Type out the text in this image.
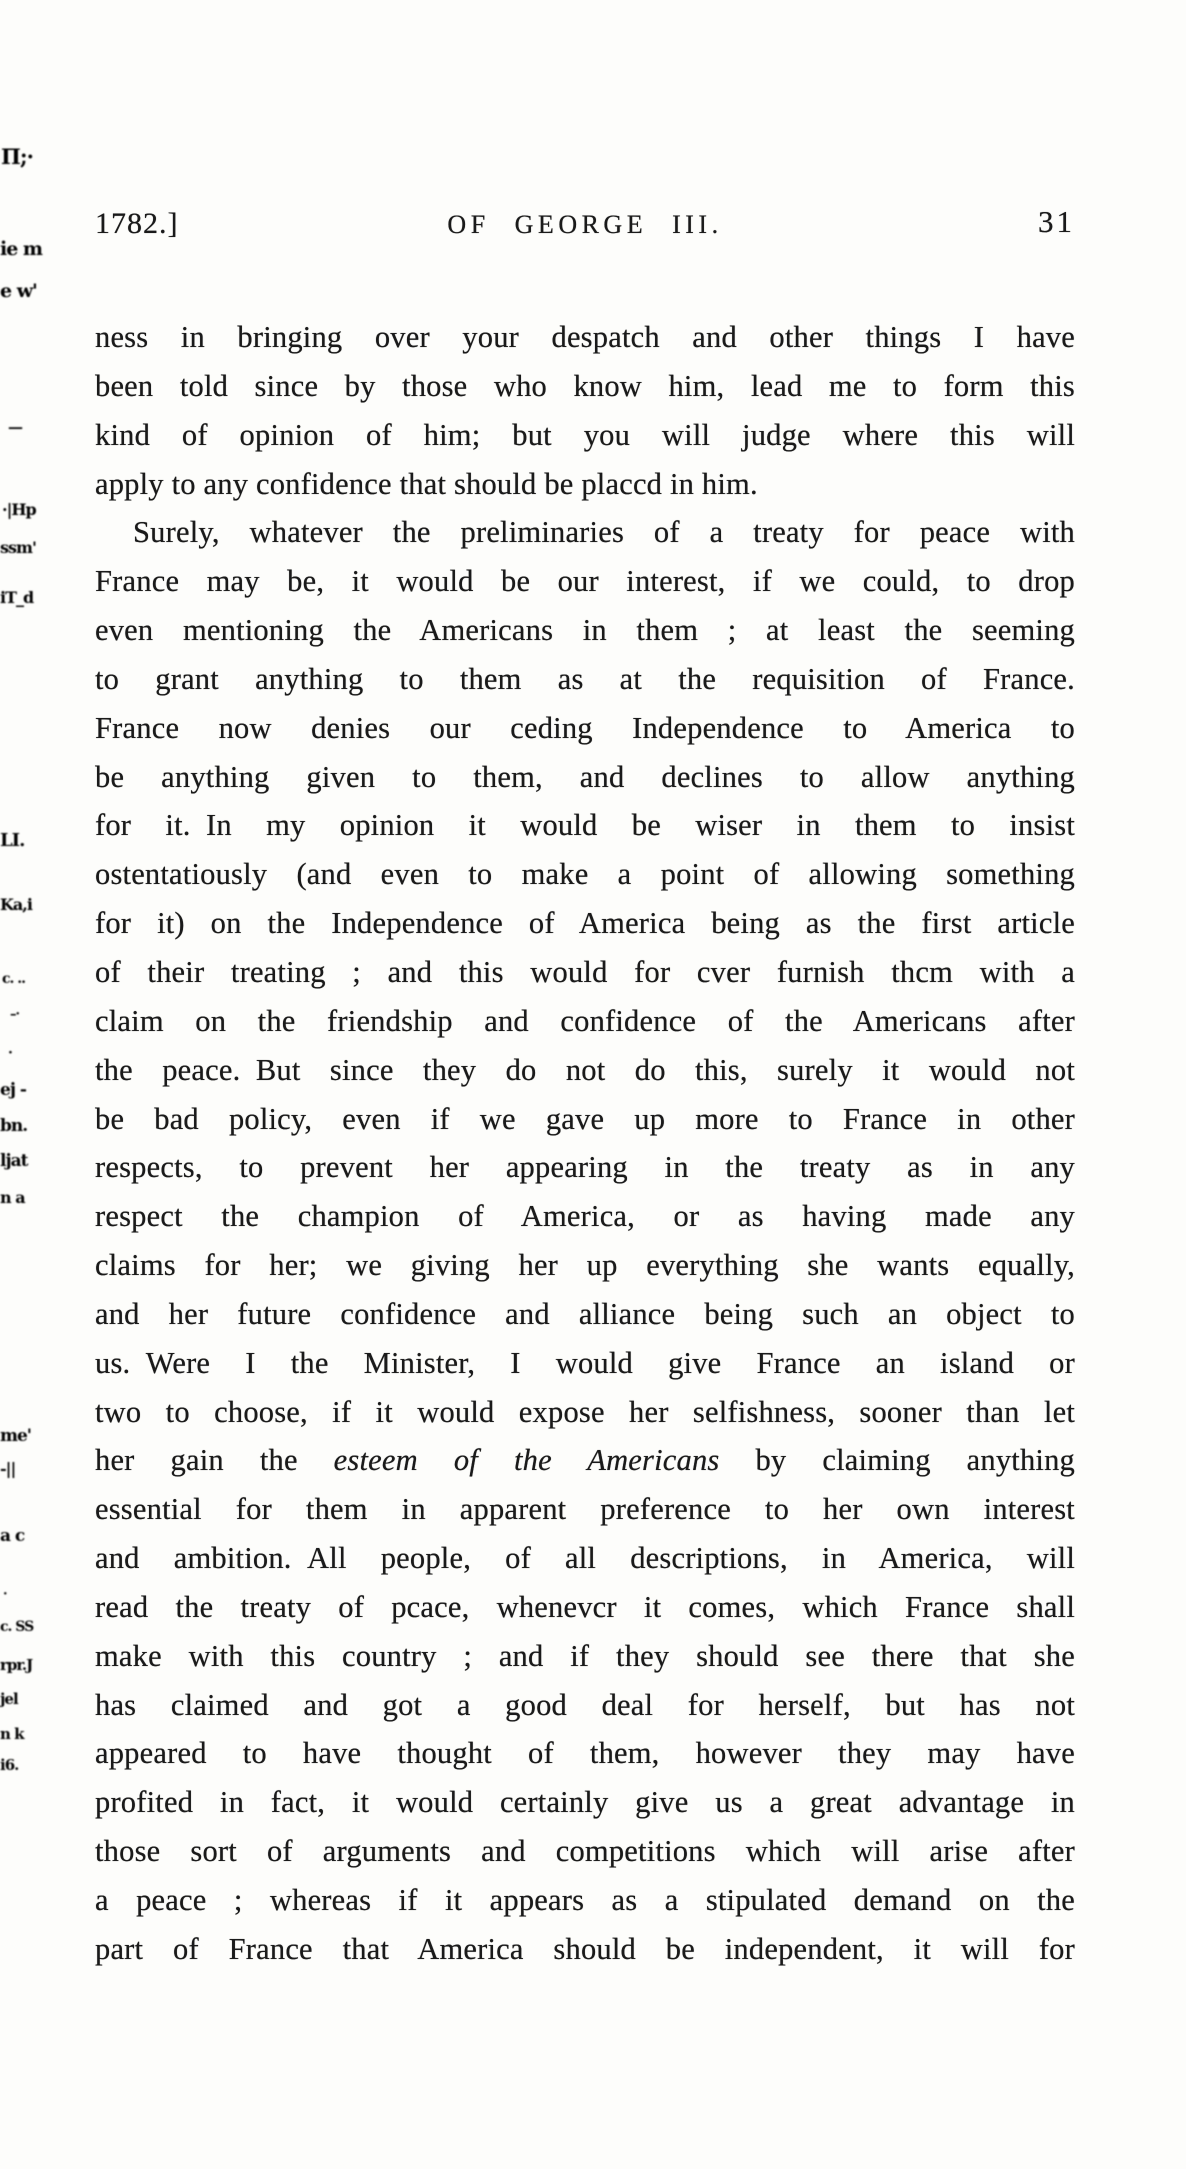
1782.]	OF GEORGE III.	31
ness in bringing over your despatch and other things I have
been told since by those who know him, lead me to form this
kind of opinion of him; but you will judge where this will
apply to any confidence that should be placcd in him.
Surely, whatever the preliminaries of a treaty for peace with
France may be, it would be our interest, if we could, to drop
even mentioning the Americans in them ; at least the seeming
to grant anything to them as at the requisition of France.
France now denies our ceding Independence to America to
be anything given to them, and declines to allow anything
for it. In my opinion it would be wiser in them to insist
ostentatiously (and even to make a point of allowing something
for it) on the Independence of America being as the first article
of their treating ; and this would for cver furnish thcm with a
claim on the friendship and confidence of the Americans after
the peace. But since they do not do this, surely it would not
be bad policy, even if we gave up more to France in other
respects, to prevent her appearing in the treaty as in any
respect the champion of America, or as having made any
claims for her; we giving her up everything she wants equally,
and her future confidence and alliance being such an object to
us. Were I the Minister, I would give France an island or
two to choose, if it would expose her selfishness, sooner than let
her gain the esteem of the Americans by claiming anything
essential for them in apparent preference to her own interest
and ambition. All people, of all descriptions, in America, will
read the treaty of pcace, whenevcr it comes, which France shall
make with this country ; and if they should see there that she
has claimed and got a good deal for herself, but has not
appeared to have thought of them, however they may have
profited in fact, it would certainly give us a great advantage in
those sort of arguments and competitions which will arise after
a peace ; whereas if it appears as a stipulated demand on the
part of France that America should be independent, it will for
Π;·
ie m
e w'
—
·|Hp
ssm'
iT_d
LI.
Ka,i
c. ..
–·
·
ej -
bn.
ljat
n a
me'
-||
a c
·
c. SS
rpr.J
jel
n k
i6.
